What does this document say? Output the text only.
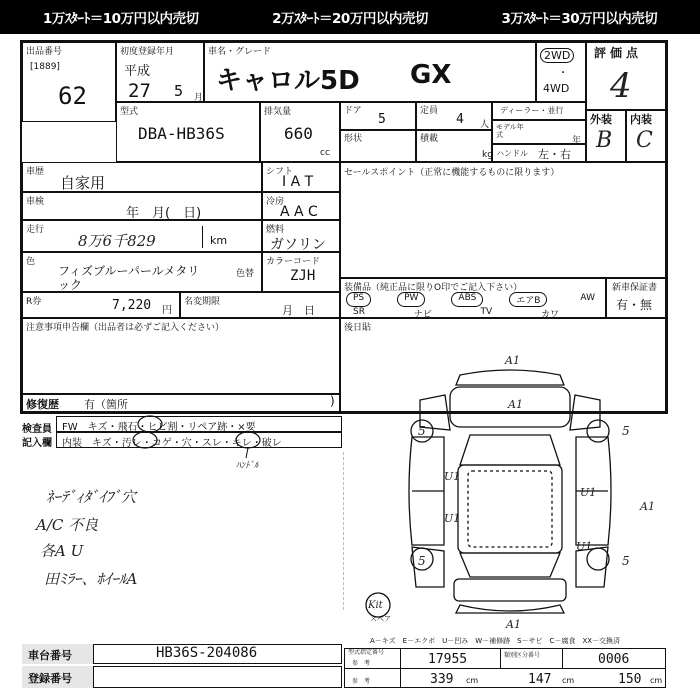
1万ｽﾀｰﾄ＝10万円以内売切	2万ｽﾀｰﾄ＝20万円以内売切	3万ｽﾀｰﾄ＝30万円以内売切
出品番号
[1889]
62
初度登録年月
平成
27 5 月
車名・グレード
キャロル5D GX
2WD
・
4WD
評価点
4
外装 内装
B C
型式
DBA-HB36S
排気量
660
cc
ドア
5
定員
4 人
ディーラー・並行
形状	積載
kg
モデル年式
年
ハンドル 左・右
車歴
自家用
車検
年　月(　日)
走行
8万6千829	km
色
フィズブルーパールメタリ
ック
色替
R券	7,220 円
名変期限
月　日
シフト
I A T
冷房
A A C
燃料
ガソリン
カラーコード
ZJH
注意事項申告欄（出品者は必ずご記入ください）
修復歴 有（箇所	)
セールスポイント（正常に機能するものに限ります）
装備品（純正品に限りO印でご記入下さい）
PS	PW	ABS	エアB	AW
SR	ナビ	TV	カワ
新車保証書
有・無
後日貼
検査員
記入欄
FW　キズ・飛石・ヒビ割・リペア跡・×要
内装　キズ・汚レ・コゲ・穴・スレ・キレ・破レ
ﾊﾝﾄﾞﾙ
ﾈｰﾃﾞｨﾀﾞｲﾌﾞ穴
A/C 不良
各A U
田ﾐﾗｰ、ﾎｲｰﾙA
A1
A1
5	5
U1
U1
U1
A1
5	5
A1
U1
Kit
スペア
A－キズ　E－エクボ　U－凹み　W－補修跡　S－サビ　C－腐食　XX－交換済
車台番号	HB36S-204086
登録番号
型式指定番号
参　考	17955	類別区分番号	0006
参　考	339 cm	147 cm	150 cm
